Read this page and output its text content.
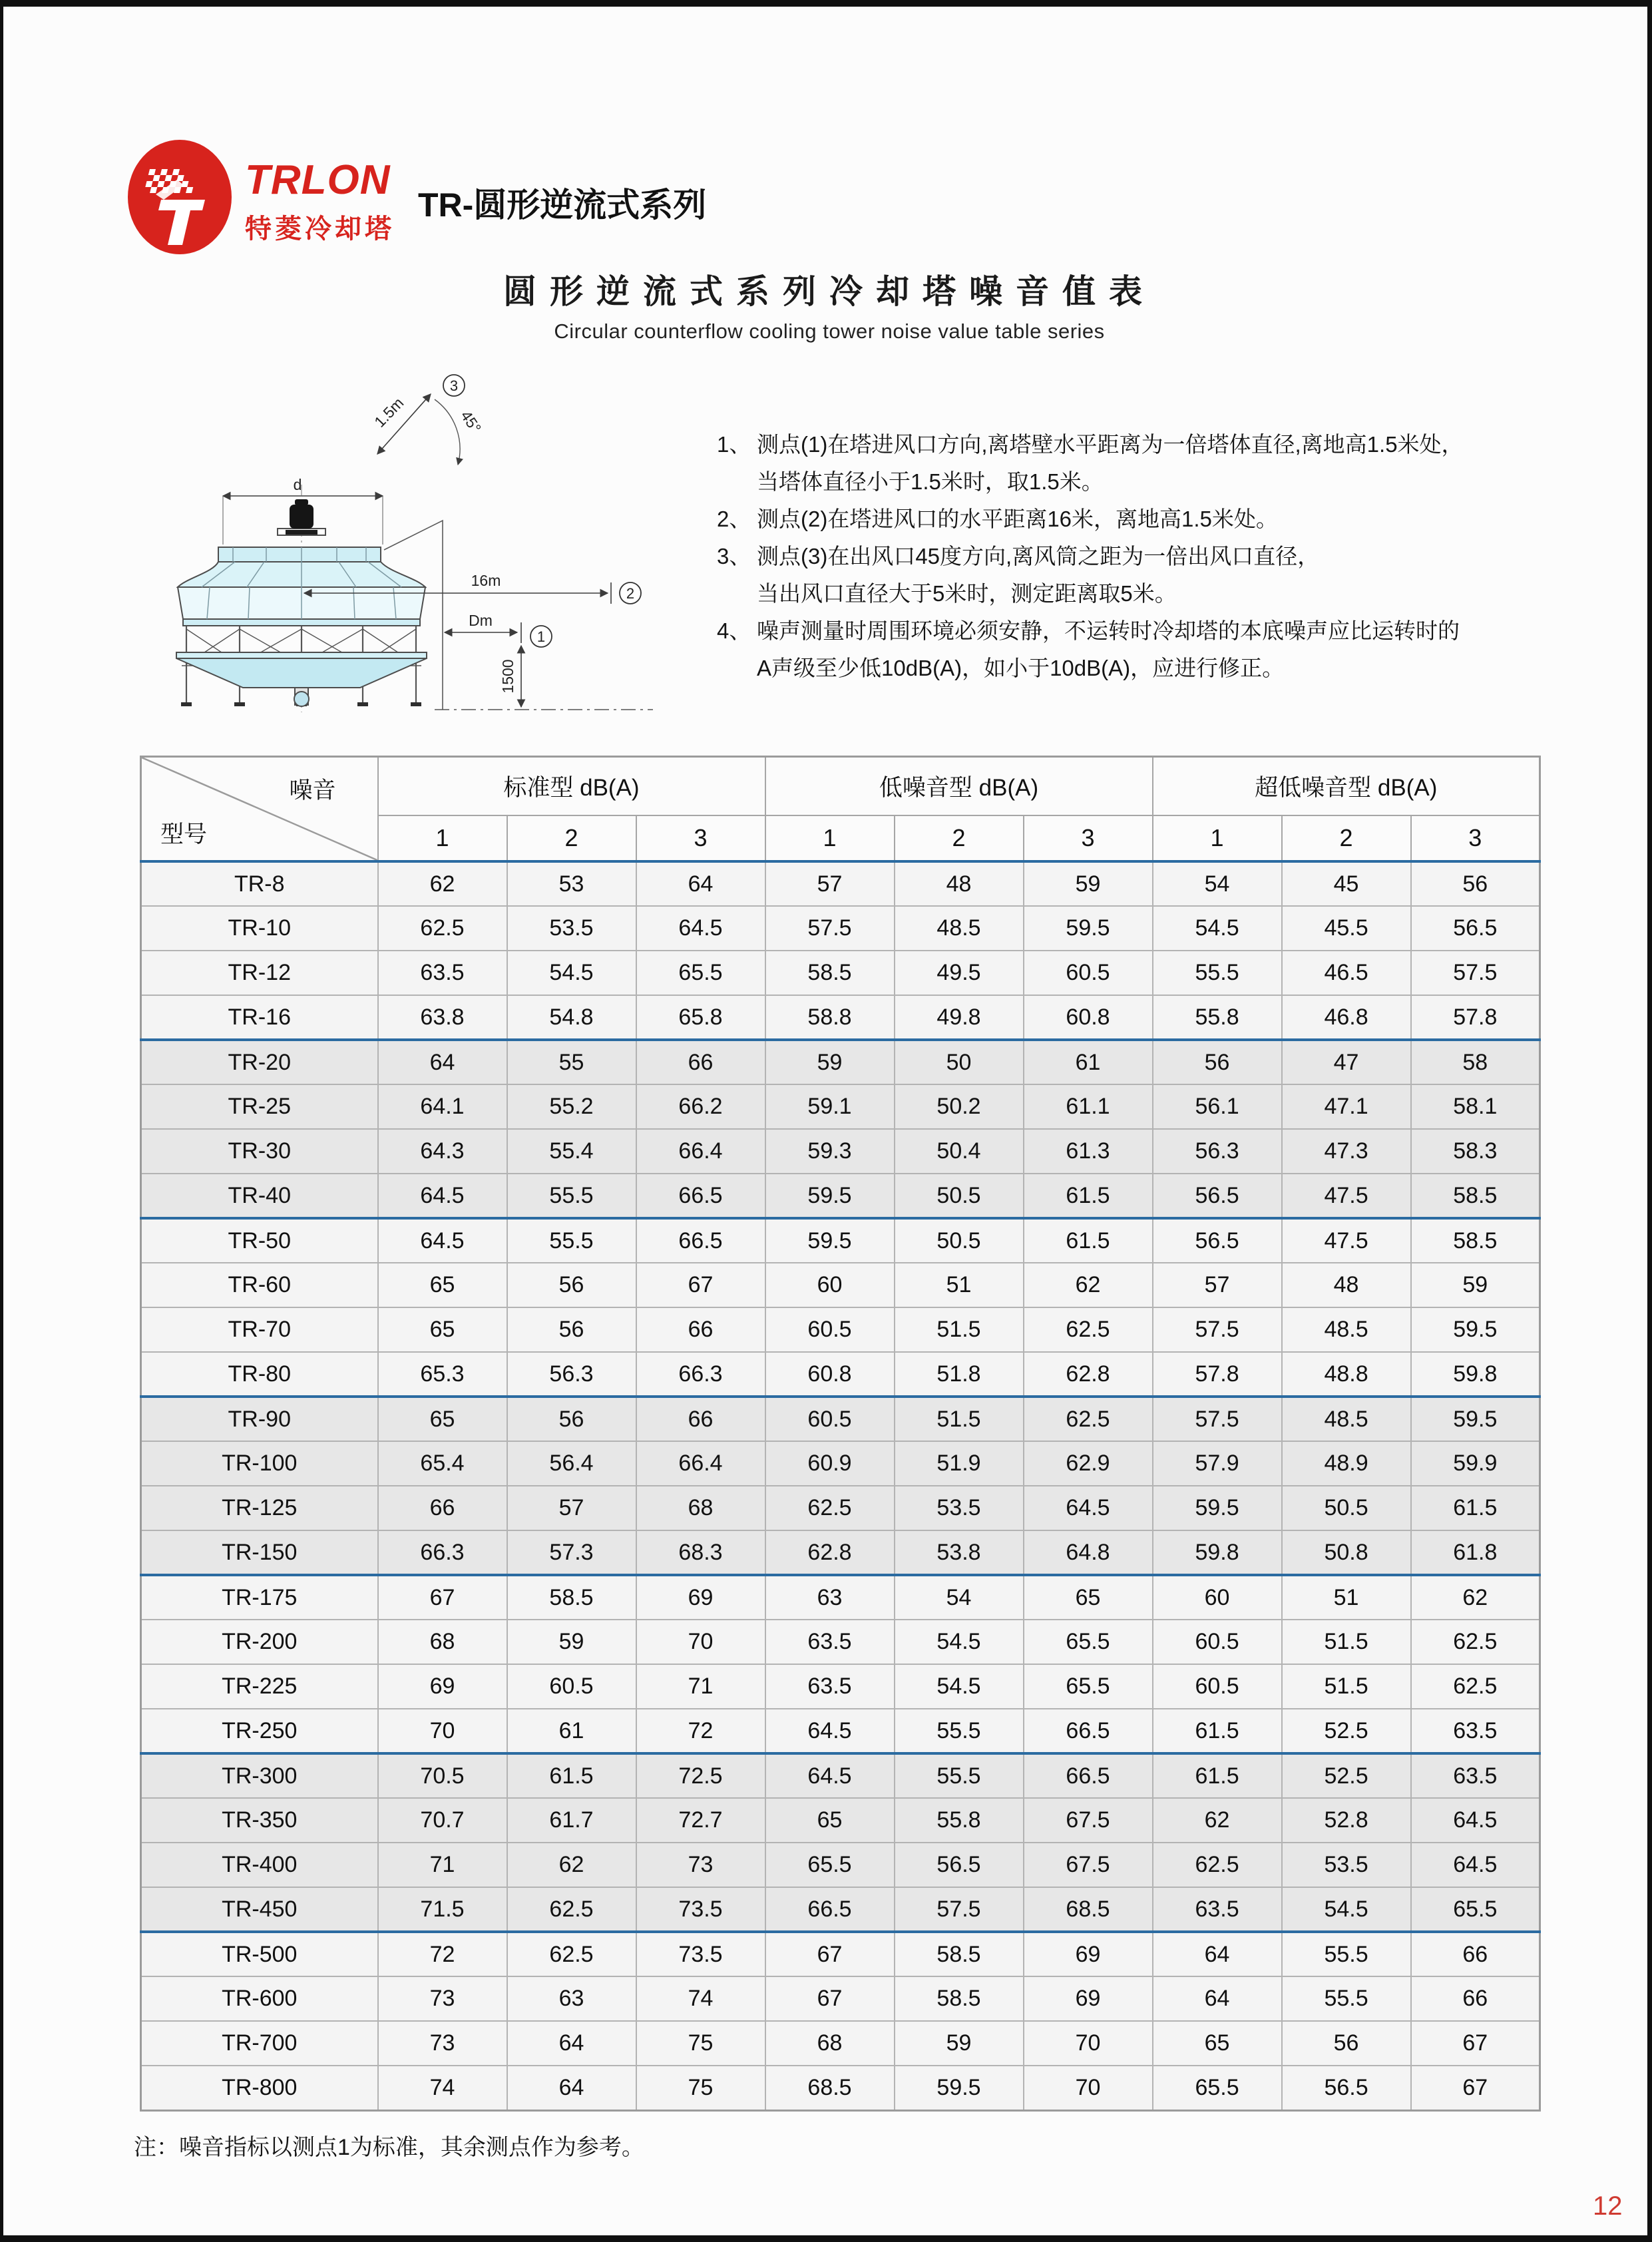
TRLON
特菱冷却塔
TR-圆形逆流式系列
圆形逆流式系列冷却塔噪音值表
Circular counterflow cooling tower noise value table series
d
1.5m	45°
3
16m
2
Dm
1
1500
1、 测点(1)在塔进风口方向,离塔壁水平距离为一倍塔体直径,离地高1.5米处，
当塔体直径小于1.5米时，取1.5米。
2、 测点(2)在塔进风口的水平距离16米，离地高1.5米处。
3、 测点(3)在出风口45度方向,离风筒之距为一倍出风口直径，
当出风口直径大于5米时，测定距离取5米。
4、 噪声测量时周围环境必须安静，不运转时冷却塔的本底噪声应比运转时的
A声级至少低10dB(A)，如小于10dB(A)，应进行修正。
噪音
型号	标准型 dB(A)			低噪音型 dB(A)			超低噪音型 dB(A)		
	1	2	3	1	2	3	1	2	3
TR-8	62	53	64	57	48	59	54	45	56
TR-10	62.5	53.5	64.5	57.5	48.5	59.5	54.5	45.5	56.5
TR-12	63.5	54.5	65.5	58.5	49.5	60.5	55.5	46.5	57.5
TR-16	63.8	54.8	65.8	58.8	49.8	60.8	55.8	46.8	57.8
TR-20	64	55	66	59	50	61	56	47	58
TR-25	64.1	55.2	66.2	59.1	50.2	61.1	56.1	47.1	58.1
TR-30	64.3	55.4	66.4	59.3	50.4	61.3	56.3	47.3	58.3
TR-40	64.5	55.5	66.5	59.5	50.5	61.5	56.5	47.5	58.5
TR-50	64.5	55.5	66.5	59.5	50.5	61.5	56.5	47.5	58.5
TR-60	65	56	67	60	51	62	57	48	59
TR-70	65	56	66	60.5	51.5	62.5	57.5	48.5	59.5
TR-80	65.3	56.3	66.3	60.8	51.8	62.8	57.8	48.8	59.8
TR-90	65	56	66	60.5	51.5	62.5	57.5	48.5	59.5
TR-100	65.4	56.4	66.4	60.9	51.9	62.9	57.9	48.9	59.9
TR-125	66	57	68	62.5	53.5	64.5	59.5	50.5	61.5
TR-150	66.3	57.3	68.3	62.8	53.8	64.8	59.8	50.8	61.8
TR-175	67	58.5	69	63	54	65	60	51	62
TR-200	68	59	70	63.5	54.5	65.5	60.5	51.5	62.5
TR-225	69	60.5	71	63.5	54.5	65.5	60.5	51.5	62.5
TR-250	70	61	72	64.5	55.5	66.5	61.5	52.5	63.5
TR-300	70.5	61.5	72.5	64.5	55.5	66.5	61.5	52.5	63.5
TR-350	70.7	61.7	72.7	65	55.8	67.5	62	52.8	64.5
TR-400	71	62	73	65.5	56.5	67.5	62.5	53.5	64.5
TR-450	71.5	62.5	73.5	66.5	57.5	68.5	63.5	54.5	65.5
TR-500	72	62.5	73.5	67	58.5	69	64	55.5	66
TR-600	73	63	74	67	58.5	69	64	55.5	66
TR-700	73	64	75	68	59	70	65	56	67
TR-800	74	64	75	68.5	59.5	70	65.5	56.5	67

注：噪音指标以测点1为标准，其余测点作为参考。

12
